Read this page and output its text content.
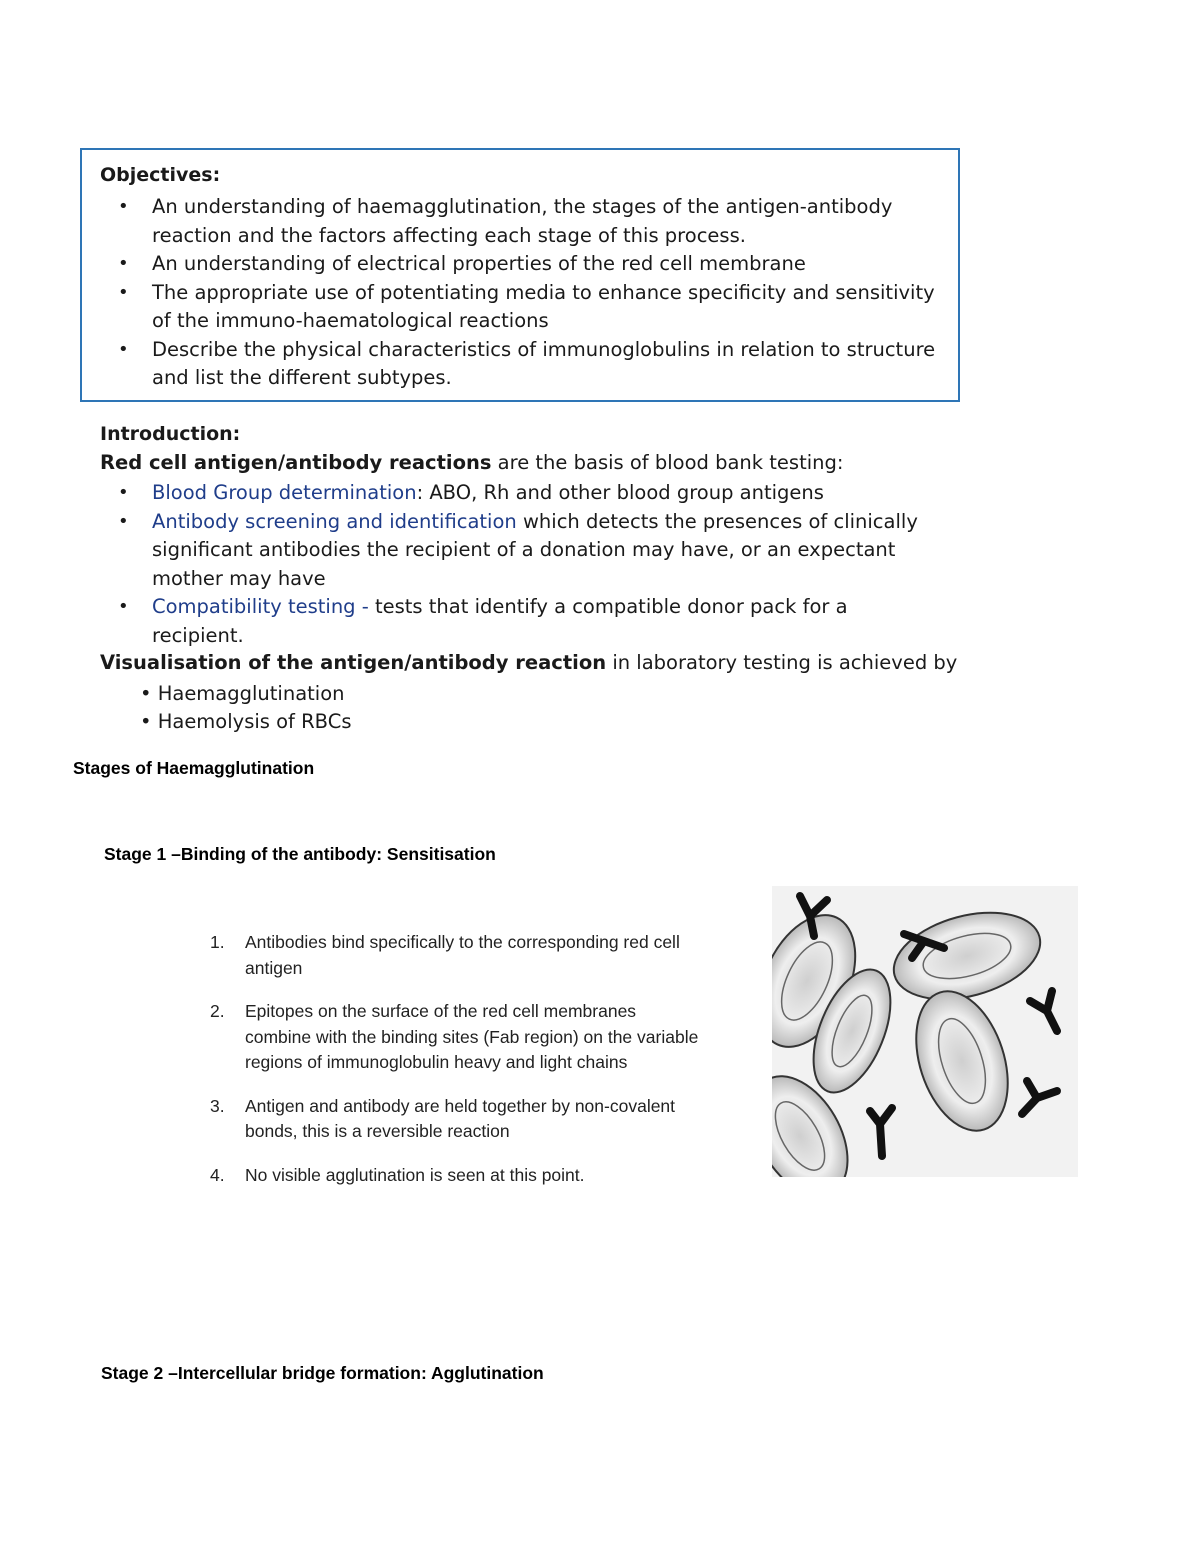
Objectives:
• An understanding of haemagglutination, the stages of the antigen-antibody reaction and the factors affecting each stage of this process.
• An understanding of electrical properties of the red cell membrane
• The appropriate use of potentiating media to enhance specificity and sensitivity of the immuno-haematological reactions
• Describe the physical characteristics of immunoglobulins in relation to structure and list the different subtypes.
Introduction:
Red cell antigen/antibody reactions are the basis of blood bank testing:
• Blood Group determination: ABO, Rh and other blood group antigens
• Antibody screening and identification which detects the presences of clinically significant antibodies the recipient of a donation may have, or an expectant mother may have
• Compatibility testing - tests that identify a compatible donor pack for a recipient.
Visualisation of the antigen/antibody reaction in laboratory testing is achieved by
• Haemagglutination
• Haemolysis of RBCs
Stages of Haemagglutination
Stage 1 –Binding of the antibody: Sensitisation
1. Antibodies bind specifically to the corresponding red cell antigen
2. Epitopes on the surface of the red cell membranes combine with the binding sites (Fab region) on the variable regions of immunoglobulin heavy and light chains
3. Antigen and antibody are held together by non-covalent bonds, this is a reversible reaction
4. No visible agglutination is seen at this point.
Stage 2 –Intercellular bridge formation: Agglutination
